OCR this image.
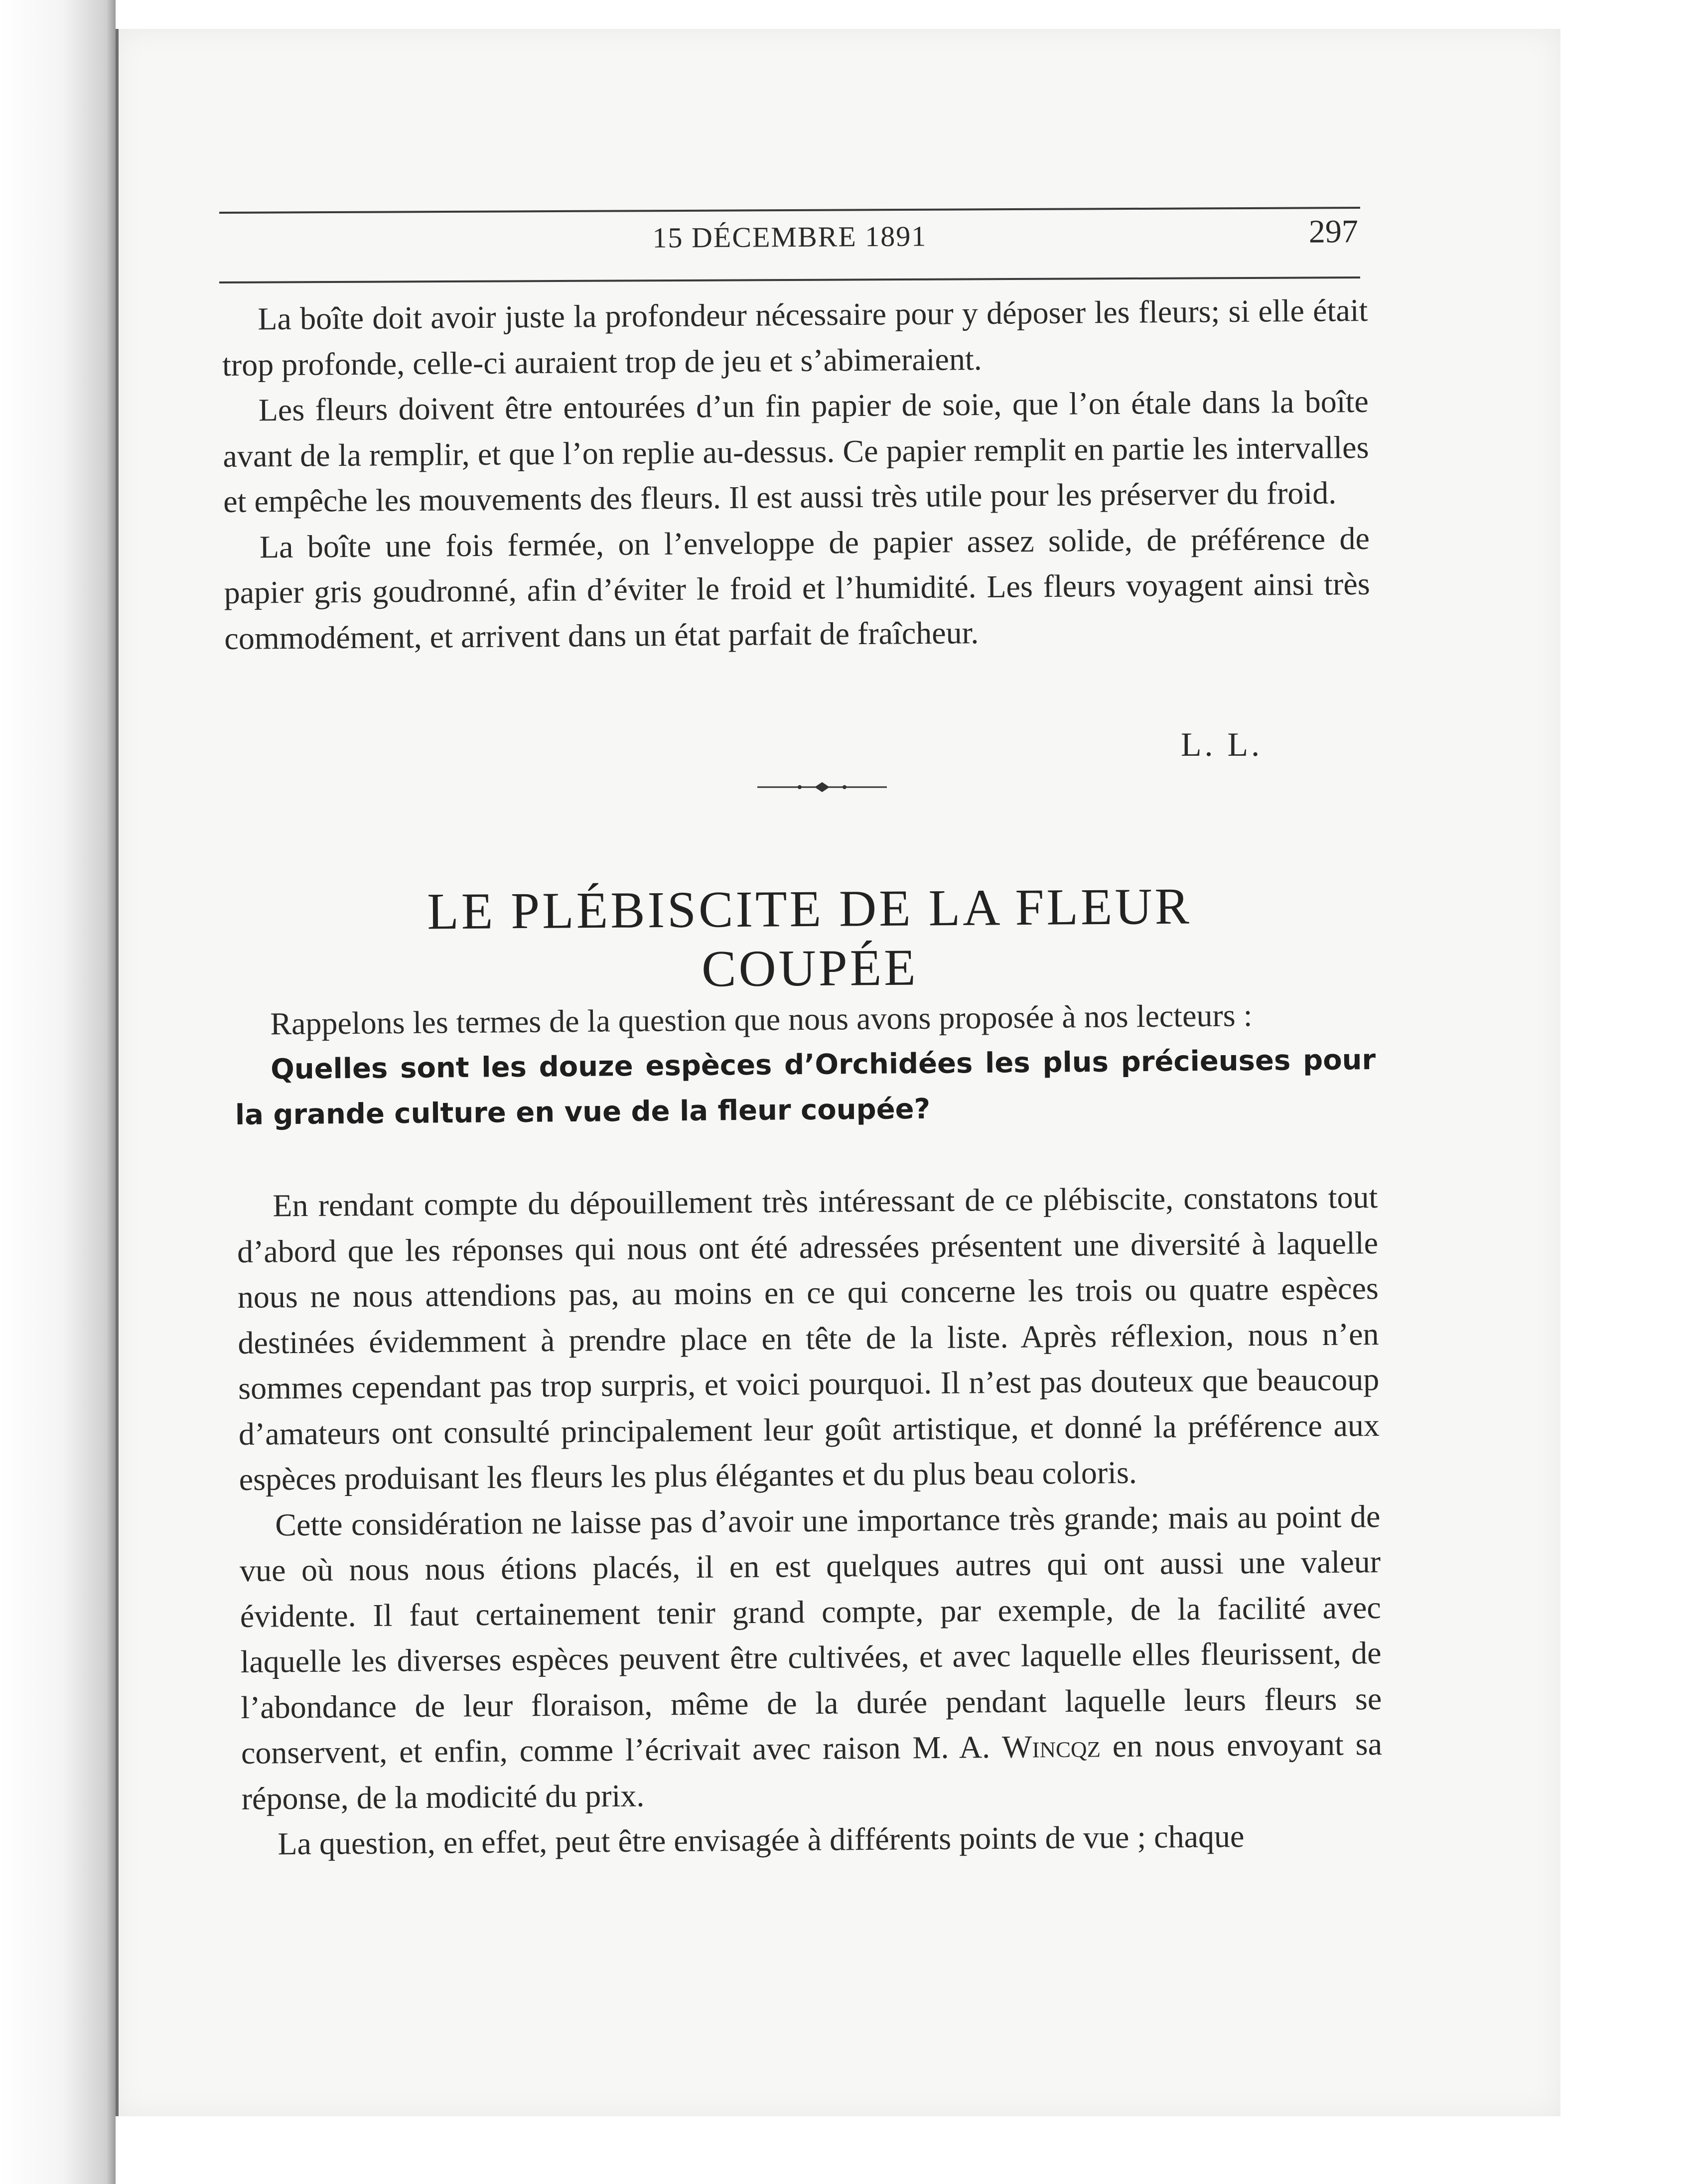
15 DÉCEMBRE 1891	297

La boîte doit avoir juste la profondeur nécessaire pour y déposer les fleurs; si elle était trop profonde, celle-ci auraient trop de jeu et s’abimeraient.

Les fleurs doivent être entourées d’un fin papier de soie, que l’on étale dans la boîte avant de la remplir, et que l’on replie au-dessus. Ce papier remplit en partie les intervalles et empêche les mouvements des fleurs. Il est aussi très utile pour les préserver du froid.

La boîte une fois fermée, on l’enveloppe de papier assez solide, de préférence de papier gris goudronné, afin d’éviter le froid et l’humidité. Les fleurs voyagent ainsi très commodément, et arrivent dans un état parfait de fraîcheur.

L. L.
LE PLÉBISCITE DE LA FLEUR COUPÉE

Rappelons les termes de la question que nous avons proposée à nos lecteurs :

Quelles sont les douze espèces d’Orchidées les plus précieuses pour la grande culture en vue de la fleur coupée?

En rendant compte du dépouillement très intéressant de ce plébiscite, constatons tout d’abord que les réponses qui nous ont été adressées présentent une diversité à laquelle nous ne nous attendions pas, au moins en ce qui concerne les trois ou quatre espèces destinées évidemment à prendre place en tête de la liste. Après réflexion, nous n’en sommes cependant pas trop surpris, et voici pourquoi. Il n’est pas douteux que beaucoup d’amateurs ont consulté principalement leur goût artistique, et donné la préférence aux espèces produisant les fleurs les plus élégantes et du plus beau coloris.

Cette considération ne laisse pas d’avoir une importance très grande; mais au point de vue où nous nous étions placés, il en est quelques autres qui ont aussi une valeur évidente. Il faut certainement tenir grand compte, par exemple, de la facilité avec laquelle les diverses espèces peuvent être cultivées, et avec laquelle elles fleurissent, de l’abondance de leur floraison, même de la durée pendant laquelle leurs fleurs se conservent, et enfin, comme l’écrivait avec raison M. A. Wincqz en nous envoyant sa réponse, de la modicité du prix.

La question, en effet, peut être envisagée à différents points de vue ; chaque
